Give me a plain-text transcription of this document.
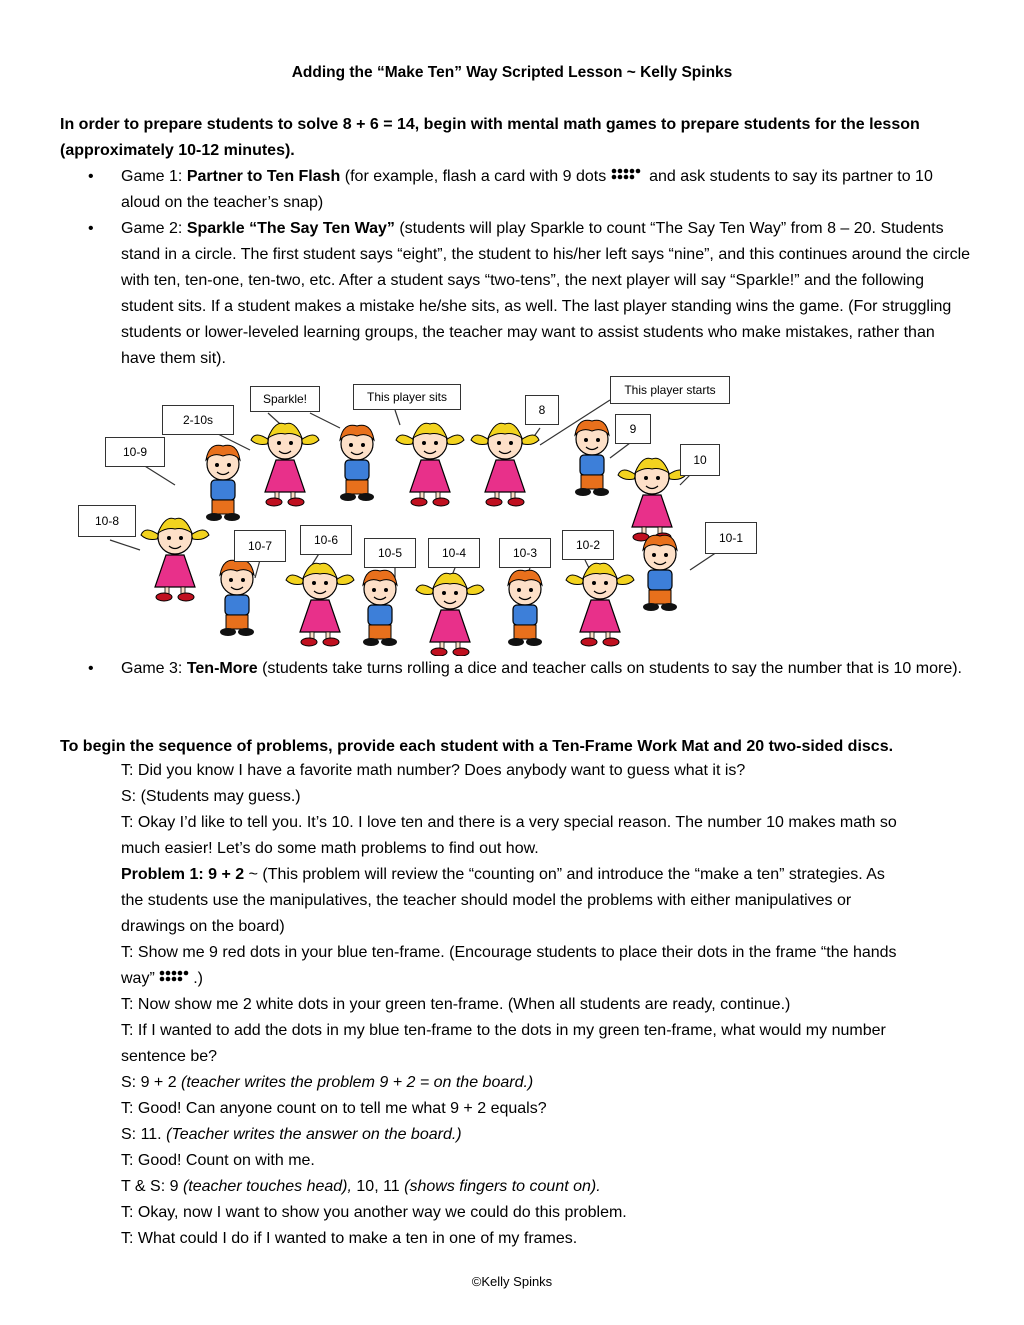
Adding the “Make Ten” Way Scripted Lesson ~ Kelly Spinks
In order to prepare students to solve 8 + 6 = 14, begin with mental math games to prepare students for the lesson (approximately 10-12 minutes).
• Game 1: Partner to Ten Flash (for example, flash a card with 9 dots
and ask students to say its partner to 10 aloud on the teacher’s snap)
• Game 2: Sparkle “The Say Ten Way” (students will play Sparkle to count “The Say Ten Way” from 8 – 20. Students stand in a circle. The first student says “eight”, the student to his/her left says “nine”, and this continues around the circle with ten, ten-one, ten-two, etc. After a student says “two-tens”, the next player will say “Sparkle!” and the following student sits. If a student makes a mistake he/she sits, as well. The last player standing wins the game. (For struggling students or lower-leveled learning groups, the teacher may want to assist students who make mistakes, rather than have them sit).
Sparkle!	This player sits	This player starts
2-10s
8
9
10-9
10
10-8
10-1
10-7	10-6
10-5	10-4	10-3
10-2
• Game 3: Ten-More (students take turns rolling a dice and teacher calls on students to say the number that is 10 more).
To begin the sequence of problems, provide each student with a Ten-Frame Work Mat and 20 two-sided discs.
T: Did you know I have a favorite math number? Does anybody want to guess what it is?
S: (Students may guess.)
T: Okay I’d like to tell you. It’s 10. I love ten and there is a very special reason. The number 10 makes math so
much easier! Let’s do some math problems to find out how.
Problem 1: 9 + 2 ~ (This problem will review the “counting on” and introduce the “make a ten” strategies. As
the students use the manipulatives, the teacher should model the problems with either manipulatives or
drawings on the board)
T: Show me 9 red dots in your blue ten-frame. (Encourage students to place their dots in the frame “the hands
way”
.)
T: Now show me 2 white dots in your green ten-frame. (When all students are ready, continue.)
T: If I wanted to add the dots in my blue ten-frame to the dots in my green ten-frame, what would my number
sentence be?
S: 9 + 2 (teacher writes the problem 9 + 2 = on the board.)
T: Good! Can anyone count on to tell me what 9 + 2 equals?
S: 11. (Teacher writes the answer on the board.)
T: Good! Count on with me.
T & S: 9 (teacher touches head), 10, 11 (shows fingers to count on).
T: Okay, now I want to show you another way we could do this problem.
T: What could I do if I wanted to make a ten in one of my frames.
©Kelly Spinks
